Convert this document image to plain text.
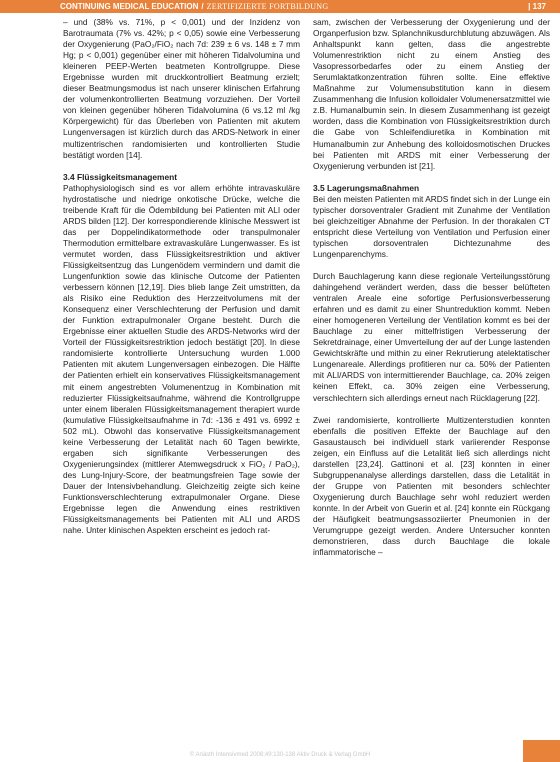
CONTINUING MEDICAL EDUCATION / ZERTIFIZIERTE FORTBILDUNG	| 137

– und (38% vs. 71%, p < 0,001) und der Inzidenz von Barotraumata (7% vs. 42%; p < 0,05) sowie eine Verbesserung der Oxygenierung (PaO₂/FiO₂ nach 7d: 239 ± 6 vs. 148 ± 7 mm Hg; p < 0,001) gegenüber einer mit höheren Tidalvolumina und kleineren PEEP-Werten beatmeten Kontrollgruppe. Diese Ergebnisse wurden mit druckkontrolliert Beatmung erzielt; dieser Beatmungsmodus ist nach unserer klinischen Erfahrung der volumenkontrollierten Beatmung vorzuziehen. Der Vorteil von kleinen gegenüber höheren Tidalvolumina (6 vs.12 ml /kg Körpergewicht) für das Überleben von Patienten mit akutem Lungenversagen ist kürzlich durch das ARDS-Network in einer multizentrischen randomisierten und kontrollierten Studie bestätigt worden [14].

3.4 Flüssigkeitsmanagement

Pathophysiologisch sind es vor allem erhöhte intravaskuläre hydrostatische und niedrige onkotische Drücke, welche die treibende Kraft für die Ödembildung bei Patienten mit ALI oder ARDS bilden [12]. Der korrespondierende klinische Messwert ist das per Doppelindikatormethode oder transpulmonaler Thermodution ermittelbare extravaskuläre Lungenwasser. Es ist vermutet worden, dass Flüssigkeitsrestriktion und aktiver Flüssigkeitsentzug das Lungenödem vermindern und damit die Lungenfunktion sowie das klinische Outcome der Patienten verbessern können [12,19]. Dies blieb lange Zeit umstritten, da als Risiko eine Reduktion des Herzzeitvolumens mit der Konsequenz einer Verschlechterung der Perfusion und damit der Funktion extrapulmonaler Organe besteht. Durch die Ergebnisse einer aktuellen Studie des ARDS-Networks wird der Vorteil der Flüssigkeitsrestriktion jedoch bestätigt [20]. In diese randomisierte kontrollierte Untersuchung wurden 1.000 Patienten mit akutem Lungenversagen einbezogen. Die Hälfte der Patienten erhielt ein konservatives Flüssigkeitsmanagement mit einem angestrebten Volumenentzug in Kombination mit reduzierter Flüssigkeitsaufnahme, während die Kontrollgruppe unter einem liberalen Flüssigkeitsmanagement therapiert wurde (kumulative Flüssigkeitsaufnahme in 7d: -136 ± 491 vs. 6992 ± 502 mL). Obwohl das konservative Flüssigkeitsmanagement keine Verbesserung der Letalität nach 60 Tagen bewirkte, ergaben sich signifikante Verbesserungen des Oxygenierungsindex (mittlerer Atemwegsdruck x FiO₂ / PaO₂), des Lung-Injury-Score, der beatmungsfreien Tage sowie der Dauer der Intensivbehandlung. Gleichzeitig zeigte sich keine Funktionsverschlechterung extrapulmonaler Organe. Diese Ergebnisse legen die Anwendung eines restriktiven Flüssigkeitsmanagements bei Patienten mit ALI und ARDS nahe. Unter klinischen Aspekten erscheint es jedoch rat-

sam, zwischen der Verbesserung der Oxygenierung und der Organperfusion bzw. Splanchnikusdurchblutung abzuwägen. Als Anhaltspunkt kann gelten, dass die angestrebte Volumenrestriktion nicht zu einem Anstieg des Vasopressorbedarfes oder zu einem Anstieg der Serumlaktatkonzentration führen sollte. Eine effektive Maßnahme zur Volumensubstitution kann in diesem Zusammenhang die Infusion kolloidaler Volumenersatzmittel wie z.B. Humanalbumin sein. In diesem Zusammenhang ist gezeigt worden, dass die Kombination von Flüssigkeitsrestriktion durch die Gabe von Schleifendiuretika in Kombination mit Humanalbumin zur Anhebung des kolloidosmotischen Druckes bei Patienten mit ARDS mit einer Verbesserung der Oxygenierung verbunden ist [21].

3.5 Lagerungsmaßnahmen

Bei den meisten Patienten mit ARDS findet sich in der Lunge ein typischer dorsoventraler Gradient mit Zunahme der Ventilation bei gleichzeitiger Abnahme der Perfusion. In der thorakalen CT entspricht diese Verteilung von Ventilation und Perfusion einer typischen dorsoventralen Dichtezunahme des Lungenparenchyms.

Durch Bauchlagerung kann diese regionale Verteilungsstörung dahingehend verändert werden, dass die besser belüfteten ventralen Areale eine sofortige Perfusionsverbesserung erfahren und es damit zu einer Shuntreduktion kommt. Neben einer homogeneren Verteilung der Ventilation kommt es bei der Bauchlage zu einer mittelfristigen Verbesserung der Sekretdrainage, einer Umverteilung der auf der Lunge lastenden Gewichtskräfte und mithin zu einer Rekrutierung atelektatischer Lungenareale. Allerdings profitieren nur ca. 50% der Patienten mit ALI/ARDS von intermittierender Bauchlage, ca. 20% zeigen keinen Effekt, ca. 30% zeigen eine Verbesserung, verschlechtern sich allerdings erneut nach Rücklagerung [22].

Zwei randomisierte, kontrollierte Multizenterstudien konnten ebenfalls die positiven Effekte der Bauchlage auf den Gasaustausch bei individuell stark variierender Response zeigen, ein Einfluss auf die Letalität ließ sich allerdings nicht darstellen [23,24]. Gattinoni et al. [23] konnten in einer Subgruppenanalyse allerdings darstellen, dass die Letalität in der Gruppe von Patienten mit besonders schlechter Oxygenierung durch Bauchlage sehr wohl reduziert werden konnte. In der Arbeit von Guerin et al. [24] konnte ein Rückgang der Häufigkeit beatmungsassoziierter Pneumonien in der Verumgruppe gezeigt werden. Andere Untersucher konnten demonstrieren, dass durch Bauchlage die lokale inflammatorische –

© Anästh Intensivmed 2008;49:130-138 Aktiv Druck & Verlag GmbH
